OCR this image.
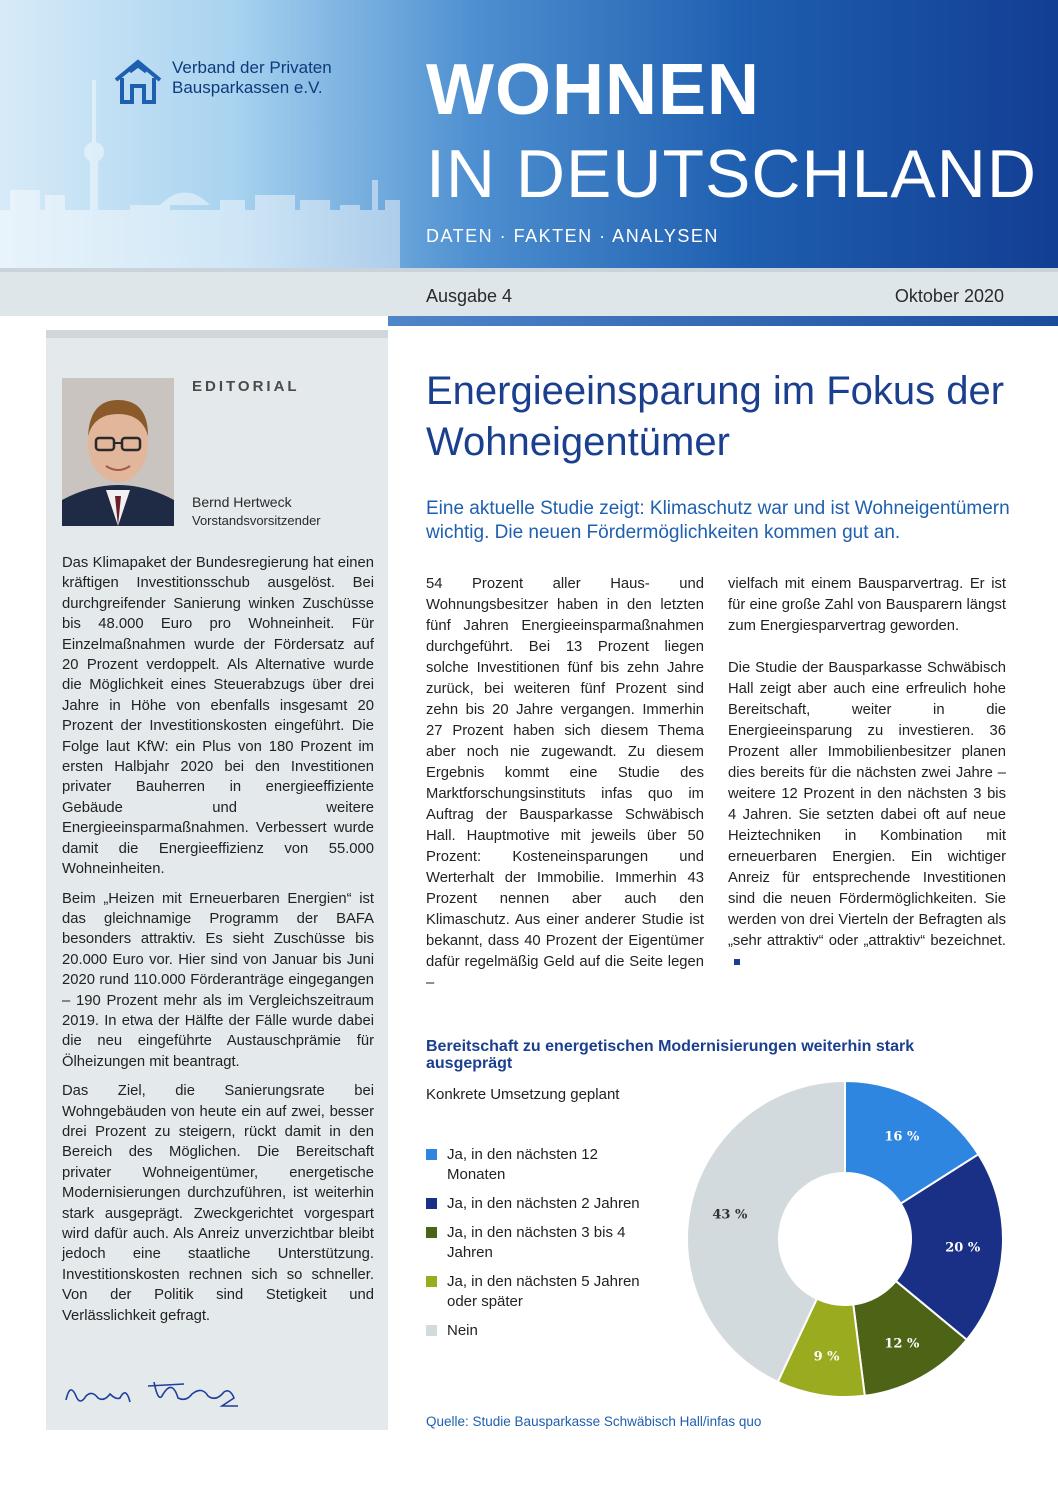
Verband der Privaten
Bausparkassen e.V. WOHNEN
IN DEUTSCHLAND
DATEN · FAKTEN · ANALYSEN
Ausgabe 4	Oktober 2020
EDITORIAL
Bernd Hertweck
Vorstandsvorsitzender

Das Klimapaket der Bundesregierung hat einen kräftigen Investitionsschub ausgelöst. Bei durchgreifender Sanierung winken Zuschüsse bis 48.000 Euro pro Wohneinheit. Für Einzelmaßnahmen wurde der Fördersatz auf 20 Prozent verdoppelt. Als Alternative wurde die Möglichkeit eines Steuerabzugs über drei Jahre in Höhe von ebenfalls insgesamt 20 Prozent der Investitionskosten eingeführt. Die Folge laut KfW: ein Plus von 180 Prozent im ersten Halbjahr 2020 bei den Investitionen privater Bauherren in energieeffiziente Gebäude und weitere Energieeinsparmaßnahmen. Verbessert wurde damit die Energieeffizienz von 55.000 Wohneinheiten.

Beim „Heizen mit Erneuerbaren Energien“ ist das gleichnamige Programm der BAFA besonders attraktiv. Es sieht Zuschüsse bis 20.000 Euro vor. Hier sind von Januar bis Juni 2020 rund 110.000 Förderanträge eingegangen – 190 Prozent mehr als im Vergleichszeitraum 2019. In etwa der Hälfte der Fälle wurde dabei die neu eingeführte Austauschprämie für Ölheizungen mit beantragt.

Das Ziel, die Sanierungsrate bei Wohngebäuden von heute ein auf zwei, besser drei Prozent zu steigern, rückt damit in den Bereich des Möglichen. Die Bereitschaft privater Wohneigentümer, energetische Modernisierungen durchzuführen, ist weiterhin stark ausgeprägt. Zweckgerichtet vorgespart wird dafür auch. Als Anreiz unverzichtbar bleibt jedoch eine staatliche Unterstützung. Investitionskosten rechnen sich so schneller. Von der Politik sind Stetigkeit und Verlässlichkeit gefragt.

Energieeinsparung im Fokus der Wohneigentümer
Eine aktuelle Studie zeigt: Klimaschutz war und ist Wohneigentümern wichtig. Die neuen Fördermöglichkeiten kommen gut an.

54 Prozent aller Haus- und Wohnungsbesitzer haben in den letzten fünf Jahren Energieeinsparmaßnahmen durchgeführt. Bei 13 Prozent liegen solche Investitionen fünf bis zehn Jahre zurück, bei weiteren fünf Prozent sind zehn bis 20 Jahre vergangen. Immerhin 27 Prozent haben sich diesem Thema aber noch nie zugewandt. Zu diesem Ergebnis kommt eine Studie des Marktforschungsinstituts infas quo im Auftrag der Bausparkasse Schwäbisch Hall. Hauptmotive mit jeweils über 50 Prozent: Kosteneinsparungen und Werterhalt der Immobilie. Immerhin 43 Prozent nennen aber auch den Klimaschutz. Aus einer anderer Studie ist bekannt, dass 40 Prozent der Eigentümer dafür regelmäßig Geld auf die Seite legen –

vielfach mit einem Bausparvertrag. Er ist für eine große Zahl von Bausparern längst zum Energiesparvertrag geworden.

Die Studie der Bausparkasse Schwäbisch Hall zeigt aber auch eine erfreulich hohe Bereitschaft, weiter in die Energieeinsparung zu investieren. 36 Prozent aller Immobilienbesitzer planen dies bereits für die nächsten zwei Jahre – weitere 12 Prozent in den nächsten 3 bis 4 Jahren. Sie setzten dabei oft auf neue Heiztechniken in Kombination mit erneuerbaren Energien. Ein wichtiger Anreiz für entsprechende Investitionen sind die neuen Fördermöglichkeiten. Sie werden von drei Vierteln der Befragten als „sehr attraktiv“ oder „attraktiv“ bezeichnet.

Bereitschaft zu energetischen Modernisierungen weiterhin stark ausgeprägt
Konkrete Umsetzung geplant
Ja, in den nächsten 12 Monaten
Ja, in den nächsten 2 Jahren
Ja, in den nächsten 3 bis 4 Jahren
Ja, in den nächsten 5 Jahren oder später
Nein
16 %
20 %
12 %
9 %
43 %
Quelle: Studie Bausparkasse Schwäbisch Hall/infas quo
